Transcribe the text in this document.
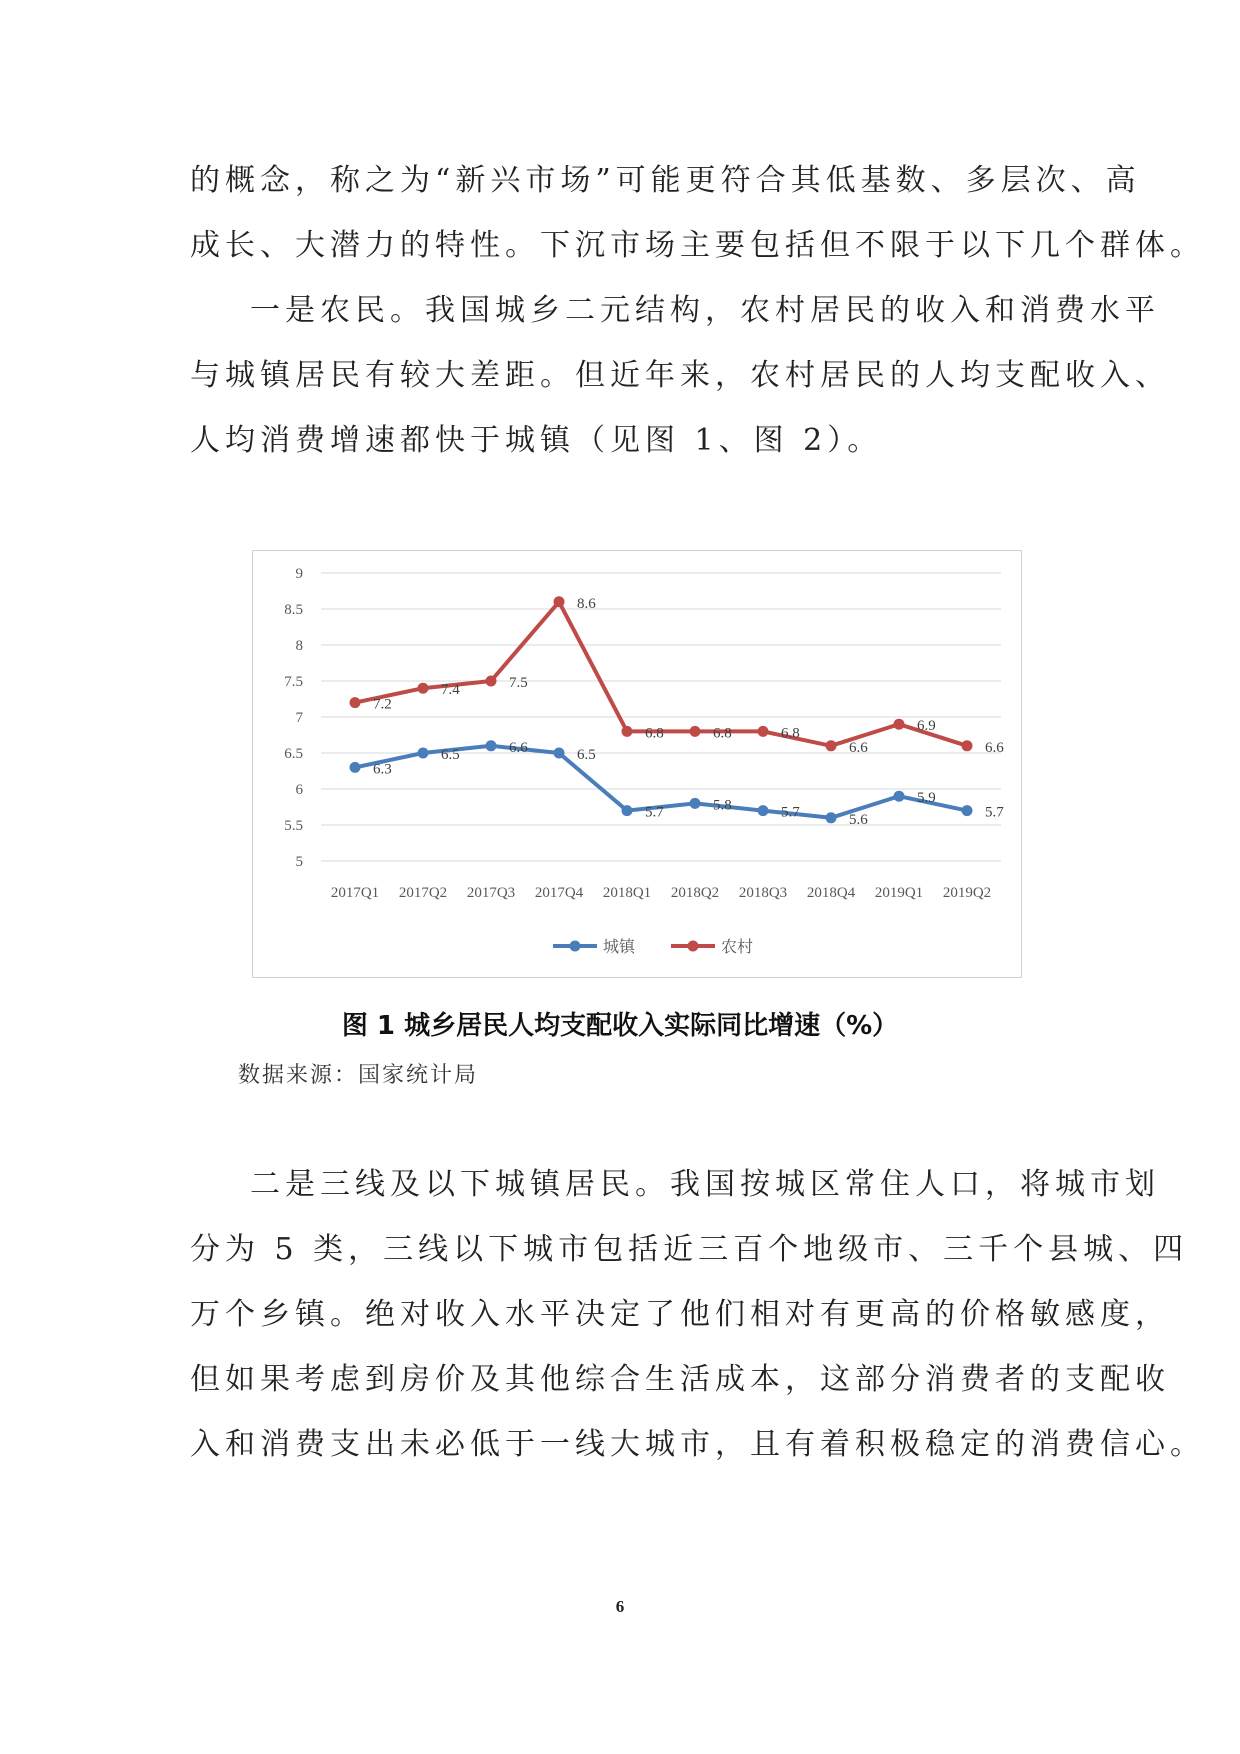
的概念，称之为“新兴市场”可能更符合其低基数、多层次、高
成长、大潜力的特性。下沉市场主要包括但不限于以下几个群体。
一是农民。我国城乡二元结构，农村居民的收入和消费水平
与城镇居民有较大差距。但近年来，农村居民的人均支配收入、
人均消费增速都快于城镇（见图 1、图 2）。
5
5.5
6
6.5
7
7.5
8
8.5
9
2017Q1 2017Q2 2017Q3 2017Q4 2018Q1 2018Q2 2018Q3 2018Q4 2019Q1 2019Q2
6.3
6.5	6.6	6.5
5.7	5.8	5.7	5.6
5.9
5.7
7.2
7.4	7.5
8.6
6.8	6.8	6.8
6.6
6.9
6.6
城镇	农村
图 1 城乡居民人均支配收入实际同比增速（%）
数据来源：国家统计局
二是三线及以下城镇居民。我国按城区常住人口，将城市划
分为 5 类，三线以下城市包括近三百个地级市、三千个县城、四
万个乡镇。绝对收入水平决定了他们相对有更高的价格敏感度，
但如果考虑到房价及其他综合生活成本，这部分消费者的支配收
入和消费支出未必低于一线大城市，且有着积极稳定的消费信心。
6
